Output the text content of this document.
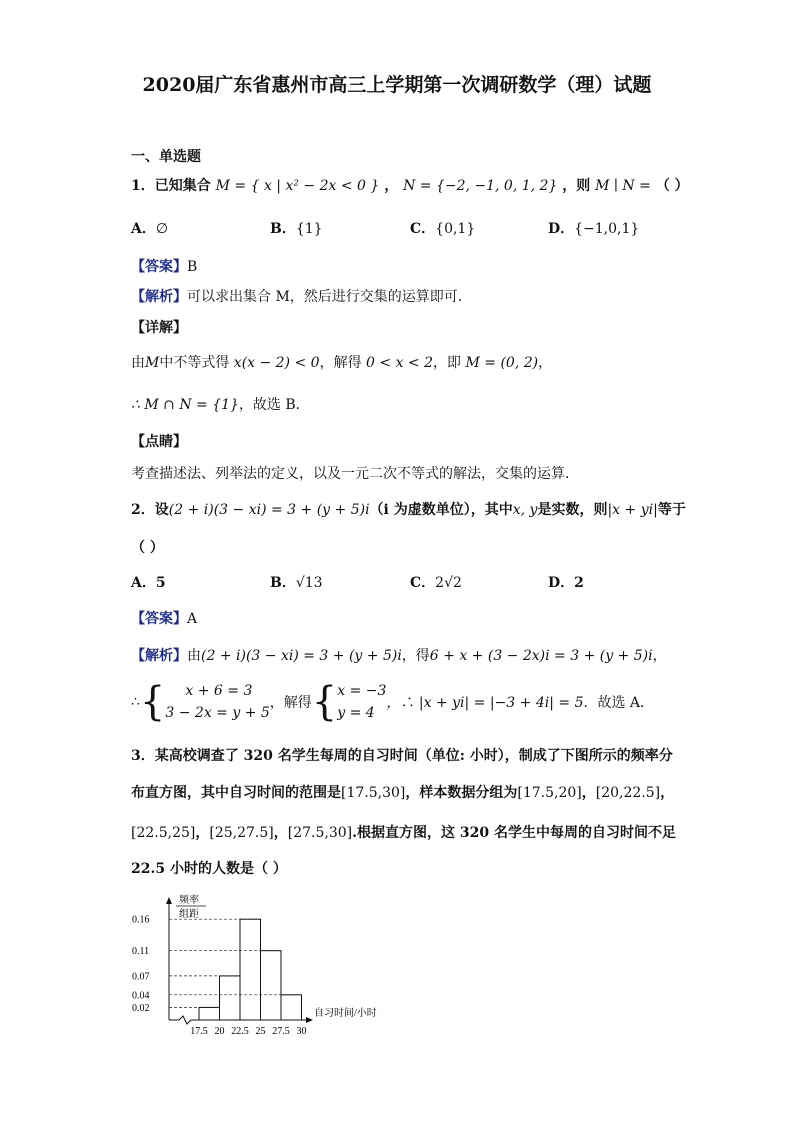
2020届广东省惠州市高三上学期第一次调研数学（理）试题
一、单选题
1．已知集合 M = { x | x² − 2x < 0 } ， N = {−2, −1, 0, 1, 2} ，则 M ∣ N = （ ）
A．∅	B．{1}	C．{0,1}	D．{−1,0,1}
【答案】B
【解析】可以求出集合 M，然后进行交集的运算即可．
【详解】
由M中不等式得 x(x − 2) < 0，解得 0 < x < 2，即 M = (0, 2)，
∴ M ∩ N = {1}，故选 B．
【点睛】
考查描述法、列举法的定义，以及一元二次不等式的解法，交集的运算．
2．设(2 + i)(3 − xi) = 3 + (y + 5)i（i 为虚数单位），其中x, y是实数，则|x + yi|等于
（ ）
A．5	B．√13	C．2√2	D．2
【答案】A
【解析】由(2 + i)(3 − xi) = 3 + (y + 5)i，得6 + x + (3 − 2x)i = 3 + (y + 5)i，
∴{	x + 6 = 3
3 − 2x = y + 5
，解得{ x = −3
y = 4
，∴ |x + yi| = |−3 + 4i| = 5．故选 A．
3．某高校调查了 320 名学生每周的自习时间（单位: 小时），制成了下图所示的频率分
布直方图，其中自习时间的范围是[17.5,30]，样本数据分组为[17.5,20]，[20,22.5]，
[22.5,25]，[25,27.5]，[27.5,30].根据直方图，这 320 名学生中每周的自习时间不足
22.5 小时的人数是（ ）
频率
组距
自习时间/小时
0.16
0.11
0.07
0.04
0.02
17.5 20 22.5 25 27.5 30
